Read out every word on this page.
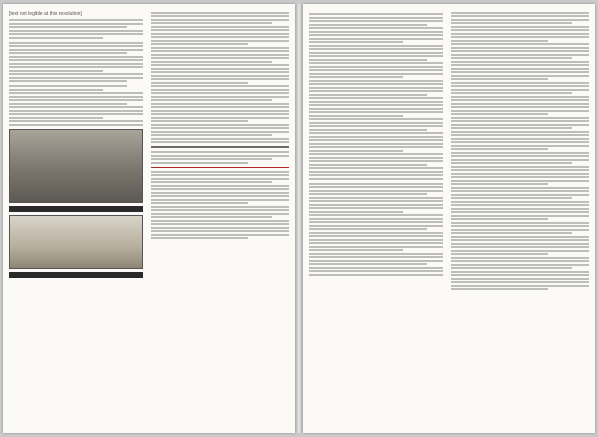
[text not legible at this resolution]
